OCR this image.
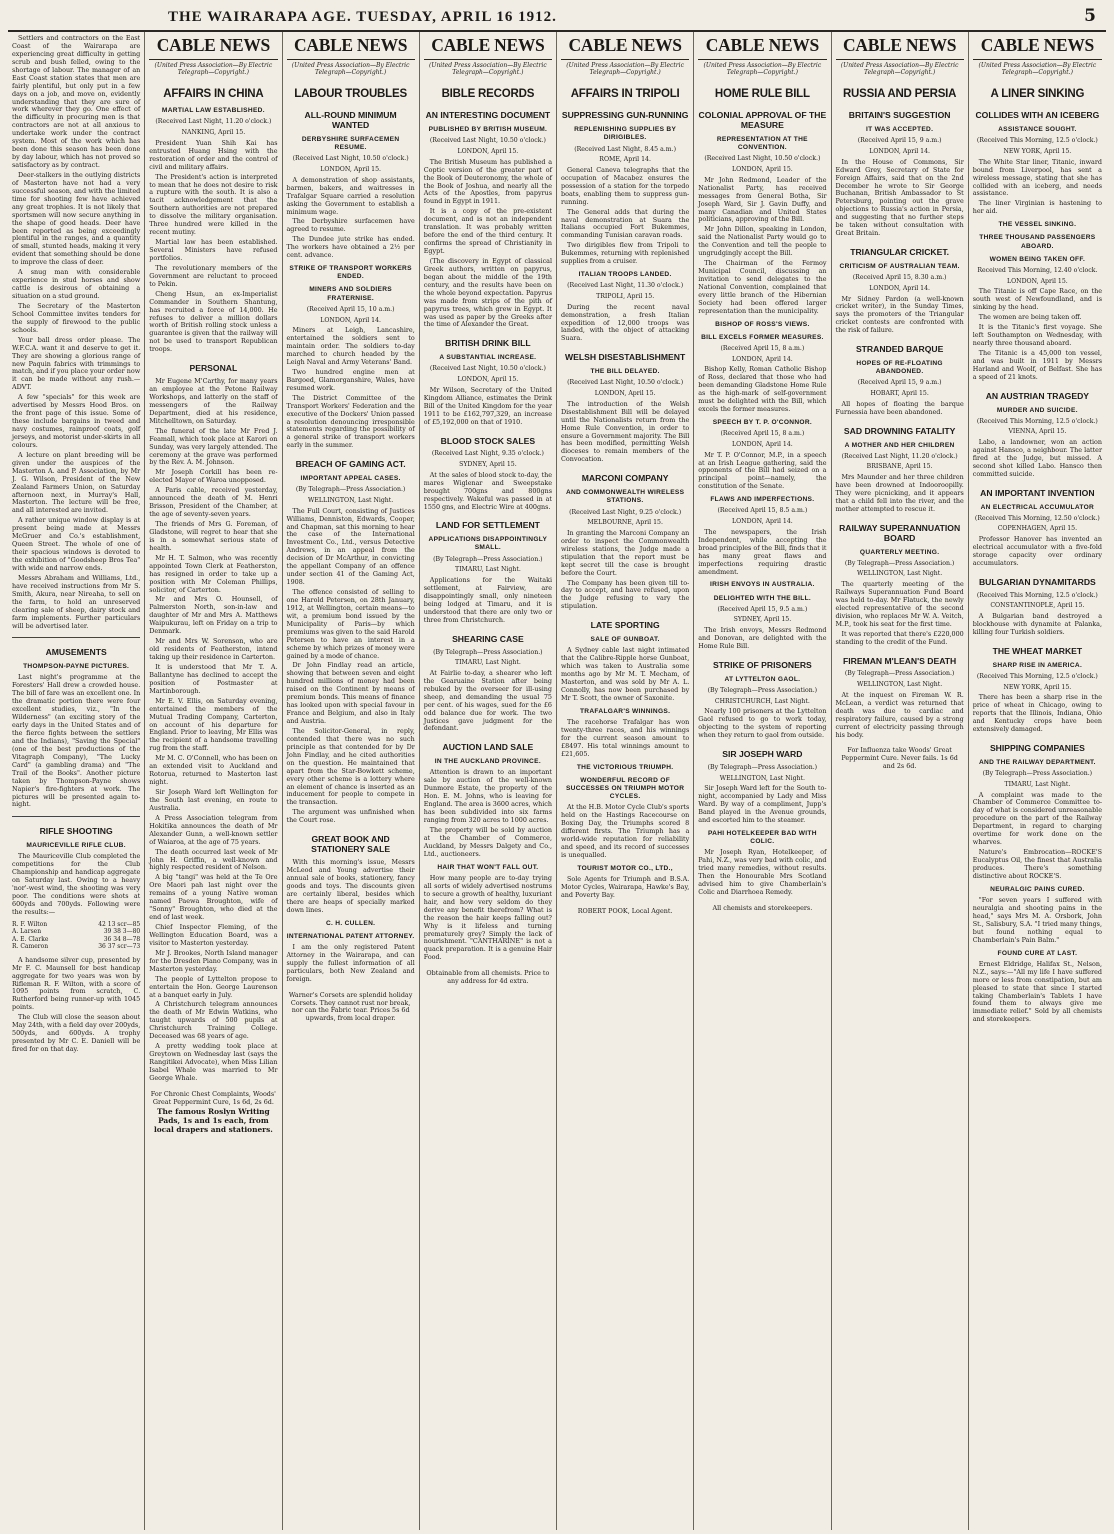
THE WAIRARAPA AGE. TUESDAY, APRIL 16 1912.	5

Settlers and contractors on the East Coast of the Wairarapa are experiencing great difficulty in getting scrub and bush felled, owing to the shortage of labour. The manager of an East Coast station states that men are fairly plentiful, but only put in a few days on a job, and move on, evidently understanding that they are sure of work wherever they go. One effect of the difficulty in procuring men is that contractors are not at all anxious to undertake work under the contract system. Most of the work which has been done this season has been done by day labour, which has not proved so satisfactory as by contract.

Deer-stalkers in the outlying districts of Masterton have not had a very successful season, and with the limited time for shooting few have achieved any great trophies. It is not likely that sportsmen will now secure anything in the shape of good heads. Deer have been reported as being exceedingly plentiful in the ranges, and a quantity of small, stunted heads, making it very evident that something should be done to improve the class of deer.

A snug man with considerable experience in stud horses and show cattle is desirous of obtaining a situation on a stud ground.

The Secretary of the Masterton School Committee invites tenders for the supply of firewood to the public schools.

Your ball dress order please. The W.F.C.A. want it and deserve to get it. They are showing a glorious range of new Paquin fabrics with trimmings to match, and if you place your order now it can be made without any rush.—ADVT.

A few "specials" for this week are advertised by Messrs Hood Bros. on the front page of this issue. Some of these include bargains in tweed and navy costumes, rainproof coats, golf jerseys, and motorist under-skirts in all colours.

A lecture on plant breeding will be given under the auspices of the Masterton A. and P. Association, by Mr J. G. Wilson, President of the New Zealand Farmers Union, on Saturday afternoon next, in Murray's Hall, Masterton. The lecture will be free, and all interested are invited.

A rather unique window display is at present being made at Messrs McGruer and Co.'s establishment, Queen Street. The whole of one of their spacious windows is devoted to the exhibition of "Goodsheep Bros Tea" with wide and narrow ends.

Messrs Abraham and Williams, Ltd., have received instructions from Mr S. Smith, Akura, near Nireaha, to sell on the farm, to hold an unreserved clearing sale of sheep, dairy stock and farm implements. Further particulars will be advertised later.

AMUSEMENTS
THOMPSON-PAYNE PICTURES.

Last night's programme at the Foresters' Hall drew a crowded house. The bill of fare was an excellent one. In the dramatic portion there were four excellent studies, viz., "In the Wilderness" (an exciting story of the early days in the United States and of the fierce fights between the settlers and the Indians), "Saving the Special" (one of the best productions of the Vitagraph Company), "The Lucky Card" (a gambling drama) and "The Trail of the Books". Another picture taken by Thompson-Payne shows Napier's fire-fighters at work. The pictures will be presented again to-night.

RIFLE SHOOTING
MAURICEVILLE RIFLE CLUB.

The Mauriceville Club completed the competitions for the Club Championship and handicap aggregate on Saturday last. Owing to a heavy 'nor'-west wind, the shooting was very poor. The conditions were shots at 600yds and 700yds. Following were the results:—

R. F. Wilton	42 13 scr—85
A. Larsen	39 38 3—80
A. E. Clarke	36 34 8—78
R. Cameron	36 37 scr—73

A handsome silver cup, presented by Mr F. C. Maunsell for best handicap aggregate for two years was won by Rifleman R. F. Wilton, with a score of 1095 points from scratch, C. Rutherford being runner-up with 1045 points.

The Club will close the season about May 24th, with a field day over 200yds, 500yds, and 600yds. A trophy presented by Mr C. E. Daniell will be fired for on that day.

CABLE NEWS
(United Press Association—By Electric Telegraph—Copyright.)
AFFAIRS IN CHINA
MARTIAL LAW ESTABLISHED.
(Received Last Night, 11.20 o'clock.)
NANKING, April 15.

President Yuan Shih Kai has entrusted Huang Hsing with the restoration of order and the control of civil and military affairs.

The President's action is interpreted to mean that he does not desire to risk a rupture with the south. It is also a tacit acknowledgement that the Southern authorities are not prepared to dissolve the military organisation. Three hundred were killed in the recent mutiny.

Martial law has been established. Several Ministers have refused portfolios.

The revolutionary members of the Government are reluctant to proceed to Pekin.

Cheng Hsun, an ex-Imperialist Commander in Southern Shantung, has recruited a force of 14,000. He refuses to deliver a million dollars worth of British rolling stock unless a guarantee is given that the railway will not be used to transport Republican troops.

PERSONAL

Mr Eugene M'Carthy, for many years an employee at the Petone Railway Workshops, and latterly on the staff of messengers of the Railway Department, died at his residence, Mitchelltown, on Saturday.

The funeral of the late Mr Fred J. Feamall, which took place at Karori on Sunday, was very largely attended. The ceremony at the grave was performed by the Rev. A. M. Johnson.

Mr Joseph Corkill has been re-elected Mayor of Waroa unopposed.

A Paris cable, received yesterday, announced the death of M. Henri Brisson, President of the Chamber, at the age of seventy-seven years.

The friends of Mrs G. Foreman, of Gladstone, will regret to hear that she is in a somewhat serious state of health.

Mr H. T. Salmon, who was recently appointed Town Clerk at Featherston, has resigned in order to take up a position with Mr Coleman Phillips, solicitor, of Carterton.

Mr and Mrs O. Hounsell, of Palmerston North, son-in-law and daughter of Mr and Mrs A. Matthews Waipukurau, left on Friday on a trip to Denmark.

Mr and Mrs W. Sorenson, who are old residents of Featherston, intend taking up their residence in Carterton.

It is understood that Mr T. A. Ballantyne has declined to accept the position of Postmaster at Martinborough.

Mr E. V. Ellis, on Saturday evening, entertained the members of the Mutual Trading Company, Carterton, on account of his departure for England. Prior to leaving, Mr Ellis was the recipient of a handsome travelling rug from the staff.

Mr M. C. O'Connell, who has been on an extended visit to Auckland and Rotorua, returned to Masterton last night.

Sir Joseph Ward left Wellington for the South last evening, en route to Australia.

A Press Association telegram from Hokitika announces the death of Mr Alexander Gunn, a well-known settler of Waiaroa, at the age of 75 years.

The death occurred last week of Mr John H. Griffin, a well-known and highly respected resident of Nelson.

A big "tangi" was held at the Te Ore Ore Maori pah last night over the remains of a young Native woman named Paewa Broughton, wife of "Sonny" Broughton, who died at the end of last week.

Chief Inspector Fleming, of the Wellington Education Board, was a visitor to Masterton yesterday.

Mr J. Brookes, North Island manager for the Dresden Piano Company, was in Masterton yesterday.

The people of Lyttelton propose to entertain the Hon. George Laurenson at a banquet early in July.

A Christchurch telegram announces the death of Mr Edwin Watkins, who taught upwards of 500 pupils at Christchurch Training College. Deceased was 68 years of age.

A pretty wedding took place at Greytown on Wednesday last (says the Rangitikei Advocate), when Miss Lilian Isabel Whale was married to Mr George Whale.

For Chronic Chest Complaints, Woods' Great Peppermint Cure, 1s 6d, 2s 6d.
The famous Roslyn Writing Pads, 1s and 1s each, from local drapers and stationers.
CABLE NEWS
(United Press Association—By Electric Telegraph—Copyright.)
LABOUR TROUBLES
ALL-ROUND MINIMUM WANTED
DERBYSHIRE SURFACEMEN RESUME.
(Received Last Night, 10.50 o'clock.)
LONDON, April 15.

A demonstration of shop assistants, barmen, bakers, and waitresses in Trafalgar Square carried a resolution asking the Government to establish a minimum wage.

The Derbyshire surfacemen have agreed to resume.

The Dundee jute strike has ended. The workers have obtained a 2½ per cent. advance.

STRIKE OF TRANSPORT WORKERS ENDED.
MINERS AND SOLDIERS FRATERNISE.
(Received April 15, 10 a.m.)
LONDON, April 14.

Miners at Leigh, Lancashire, entertained the soldiers sent to maintain order. The soldiers to-day marched to church headed by the Leigh Naval and Army Veterans' Band.

Two hundred engine men at Bargoed, Glamorganshire, Wales, have resumed work.

The District Committee of the Transport Workers' Federation and the executive of the Dockers' Union passed a resolution denouncing irresponsible statements regarding the possibility of a general strike of transport workers early in the summer.

BREACH OF GAMING ACT.
IMPORTANT APPEAL CASES.
(By Telegraph—Press Association.)
WELLINGTON, Last Night.

The Full Court, consisting of Justices Williams, Denniston, Edwards, Cooper, and Chapman, sat this morning to hear the case of the International Investment Co., Ltd., versus Detective Andrews, in an appeal from the decision of Dr McArthur, in convicting the appellant Company of an offence under section 41 of the Gaming Act, 1908.

The offence consisted of selling to one Harold Petersen, on 28th January, 1912, at Wellington, certain means—to wit, a premium bond issued by the Municipality of Paris—by which premiums was given to the said Harold Petersen to have an interest in a scheme by which prizes of money were gained by a mode of chance.

Dr John Findlay read an article, showing that between seven and eight hundred millions of money had been raised on the Continent by means of premium bonds. This means of finance has looked upon with special favour in France and Belgium, and also in Italy and Austria.

The Solicitor-General, in reply, contended that there was no such principle as that contended for by Dr John Findlay, and he cited authorities on the question. He maintained that apart from the Star-Bowkett scheme, every other scheme is a lottery where an element of chance is inserted as an inducement for people to compete in the transaction.

The argument was unfinished when the Court rose.

GREAT BOOK AND STATIONERY SALE

With this morning's issue, Messrs McLeod and Young advertise their annual sale of books, stationery, fancy goods and toys. The discounts given are certainly liberal, besides which there are heaps of specially marked down lines.

C. H. CULLEN.
INTERNATIONAL PATENT ATTORNEY.

I am the only registered Patent Attorney in the Wairarapa, and can supply the fullest information of all particulars, both New Zealand and foreign.

Warner's Corsets are splendid holiday Corsets. They cannot rust nor break, nor can the Fabric tear. Prices 5s 6d upwards, from local draper.
CABLE NEWS
(United Press Association—By Electric Telegraph—Copyright.)
BIBLE RECORDS
AN INTERESTING DOCUMENT
PUBLISHED BY BRITISH MUSEUM.
(Received Last Night, 10.50 o'clock.)
LONDON, April 15.

The British Museum has published a Coptic version of the greater part of the Book of Deuteronomy, the whole of the Book of Joshua, and nearly all the Acts of the Apostles, from papyrus found in Egypt in 1911.

It is a copy of the pre-existent document, and is not an independent translation. It was probably written before the end of the third century. It confirms the spread of Christianity in Egypt.

(The discovery in Egypt of classical Greek authors, written on papyrus, began about the middle of the 19th century, and the results have been on the whole beyond expectation. Papyrus was made from strips of the pith of papyrus trees, which grew in Egypt. It was used as paper by the Greeks after the time of Alexander the Great.

BRITISH DRINK BILL
A SUBSTANTIAL INCREASE.
(Received Last Night, 10.50 o'clock.)
LONDON, April 15.

Mr Wilson, Secretary of the United Kingdom Alliance, estimates the Drink Bill of the United Kingdom for the year 1911 to be £162,797,329, an increase of £5,192,000 on that of 1910.

BLOOD STOCK SALES
(Received Last Night, 9.35 o'clock.)
SYDNEY, April 15.

At the sales of blood stock to-day, the mares Wiglenar and Sweepstake brought 700gns and 800gns respectively. Wakeful was passed in at 1550 gns, and Electric Wire at 400gns.

LAND FOR SETTLEMENT
APPLICATIONS DISAPPOINTINGLY SMALL.
(By Telegraph—Press Association.)
TIMARU, Last Night.

Applications for the Waitaki settlement, at Fairview, are disappointingly small, only nineteen being lodged at Timaru, and it is understood that there are only two or three from Christchurch.

SHEARING CASE
(By Telegraph—Press Association.)
TIMARU, Last Night.

At Fairlie to-day, a shearer who left the Gearuaine Station after being rebuked by the overseer for ill-using sheep, and demanding the usual 75 per cent. of his wages, sued for the £6 odd balance due for work. The two Justices gave judgment for the defendant.

AUCTION LAND SALE
IN THE AUCKLAND PROVINCE.

Attention is drawn to an important sale by auction of the well-known Dunmore Estate, the property of the Hon. E. M. Johns, who is leaving for England. The area is 3600 acres, which has been subdivided into six farms ranging from 320 acres to 1000 acres.

The property will be sold by auction at the Chamber of Commerce, Auckland, by Messrs Dalgety and Co., Ltd., auctioneers.

HAIR THAT WON'T FALL OUT.

How many people are to-day trying all sorts of widely advertised nostrums to secure a growth of healthy, luxuriant hair, and how very seldom do they derive any benefit therefrom? What is the reason the hair keeps falling out? Why is it lifeless and turning prematurely grey? Simply the lack of nourishment. "CANTHARINE" is not a quack preparation. It is a genuine Hair Food.

Obtainable from all chemists. Price to any address for 4d extra.
CABLE NEWS
(United Press Association—By Electric Telegraph—Copyright.)
AFFAIRS IN TRIPOLI
SUPPRESSING GUN-RUNNING
REPLENISHING SUPPLIES BY DIRIGIBLES.
(Received Last Night, 8.45 a.m.)
ROME, April 14.

General Caneva telegraphs that the occupation of Macabez ensures the possession of a station for the torpedo boats, enabling them to suppress gun-running.

The General adds that during the naval demonstration at Suara the Italians occupied Fort Bukemmes, commanding Tunisian caravan roads.

Two dirigibles flew from Tripoli to Bukemmes, returning with replenished supplies from a cruiser.

ITALIAN TROOPS LANDED.
(Received Last Night, 11.30 o'clock.)
TRIPOLI, April 15.

During the recent naval demonstration, a fresh Italian expedition of 12,000 troops was landed, with the object of attacking Suara.

WELSH DISESTABLISHMENT
THE BILL DELAYED.
(Received Last Night, 10.50 o'clock.)
LONDON, April 15.

The introduction of the Welsh Disestablishment Bill will be delayed until the Nationalists return from the Home Rule Convention, in order to ensure a Government majority. The Bill has been modified, permitting Welsh dioceses to remain members of the Convocation.

MARCONI COMPANY
AND COMMONWEALTH WIRELESS STATIONS.
(Received Last Night, 9.25 o'clock.)
MELBOURNE, April 15.

In granting the Marconi Company an order to inspect the Commonwealth wireless stations, the Judge made a stipulation that the report must be kept secret till the case is brought before the Court.

The Company has been given till to-day to accept, and have refused, upon the Judge refusing to vary the stipulation.

LATE SPORTING
SALE OF GUNBOAT.

A Sydney cable last night intimated that the Calibre-Ripple horse Gunboat, which was taken to Australia some months ago by Mr M. T. Mecham, of Masterton, and was sold by Mr A. L. Connolly, has now been purchased by Mr T. Scott, the owner of Saxonite.

TRAFALGAR'S WINNINGS.

The racehorse Trafalgar has won twenty-three races, and his winnings for the current season amount to £8497. His total winnings amount to £21,605.

THE VICTORIOUS TRIUMPH.
WONDERFUL RECORD OF SUCCESSES ON TRIUMPH MOTOR CYCLES.

At the H.B. Motor Cycle Club's sports held on the Hastings Racecourse on Boxing Day, the Triumphs scored 8 different firsts. The Triumph has a world-wide reputation for reliability and speed, and its record of successes is unequalled.

TOURIST MOTOR CO., LTD.,

Sole Agents for Triumph and B.S.A. Motor Cycles, Wairarapa, Hawke's Bay, and Poverty Bay.

ROBERT POOK, Local Agent.
CABLE NEWS
(United Press Association—By Electric Telegraph—Copyright.)
HOME RULE BILL
COLONIAL APPROVAL OF THE MEASURE
REPRESENTATION AT THE CONVENTION.
(Received Last Night, 10.50 o'clock.)
LONDON, April 15.

Mr John Redmond, Leader of the Nationalist Party, has received messages from General Botha, Sir Joseph Ward, Sir J. Gavin Duffy, and many Canadian and United States politicians, approving of the Bill.

Mr John Dillon, speaking in London, said the Nationalist Party would go to the Convention and tell the people to ungrudgingly accept the Bill.

The Chairman of the Fermoy Municipal Council, discussing an invitation to send delegates to the National Convention, complained that every little branch of the Hibernian Society had been offered larger representation than the municipality.

BISHOP OF ROSS'S VIEWS.
BILL EXCELS FORMER MEASURES.
(Received April 15, 8 a.m.)
LONDON, April 14.

Bishop Kelly, Roman Catholic Bishop of Ross, declared that those who had been demanding Gladstone Home Rule as the high-mark of self-government must be delighted with the Bill, which excels the former measures.

SPEECH BY T. P. O'CONNOR.
(Received April 15, 8 a.m.)
LONDON, April 14.

Mr T. P. O'Connor, M.P., in a speech at an Irish League gathering, said the opponents of the Bill had seized on a principal point—namely, the constitution of the Senate.

FLAWS AND IMPERFECTIONS.
(Received April 15, 8.5 a.m.)
LONDON, April 14.

The newspapers, the Irish Independent, while accepting the broad principles of the Bill, finds that it has many great flaws and imperfections requiring drastic amendment.

IRISH ENVOYS IN AUSTRALIA.
DELIGHTED WITH THE BILL.
(Received April 15, 9.5 a.m.)
SYDNEY, April 15.

The Irish envoys, Messrs Redmond and Donovan, are delighted with the Home Rule Bill.

STRIKE OF PRISONERS
AT LYTTELTON GAOL.
(By Telegraph—Press Association.)
CHRISTCHURCH, Last Night.

Nearly 100 prisoners at the Lyttelton Gaol refused to go to work today, objecting to the system of reporting when they return to gaol from outside.

SIR JOSEPH WARD
(By Telegraph—Press Association.)
WELLINGTON, Last Night.

Sir Joseph Ward left for the South to-night, accompanied by Lady and Miss Ward. By way of a compliment, Jupp's Band played in the Avenue grounds, and escorted him to the steamer.

PAHI HOTELKEEPER BAD WITH COLIC.

Mr Joseph Ryan, Hotelkeeper, of Pahi, N.Z., was very bad with colic, and tried many remedies, without results. Then the Honourable Mrs Scotland advised him to give Chamberlain's Colic and Diarrhoea Remedy.

All chemists and storekeepers.
CABLE NEWS
(United Press Association—By Electric Telegraph—Copyright.)
RUSSIA AND PERSIA
BRITAIN'S SUGGESTION
IT WAS ACCEPTED.
(Received April 15, 9 a.m.)
LONDON, April 14.

In the House of Commons, Sir Edward Grey, Secretary of State for Foreign Affairs, said that on the 2nd December he wrote to Sir George Buchanan, British Ambassador to St Petersburg, pointing out the grave objections to Russia's action in Persia, and suggesting that no further steps be taken without consultation with Great Britain.

TRIANGULAR CRICKET.
CRITICISM OF AUSTRALIAN TEAM.
(Received April 15, 8.30 a.m.)
LONDON, April 14.

Mr Sidney Pardon (a well-known cricket writer), in the Sunday Times, says the promoters of the Triangular cricket contests are confronted with the risk of failure.

STRANDED BARQUE
HOPES OF RE-FLOATING ABANDONED.
(Received April 15, 9 a.m.)
HOBART, April 15.

All hopes of floating the barque Furnessia have been abandoned.

SAD DROWNING FATALITY
A MOTHER AND HER CHILDREN
(Received Last Night, 11.20 o'clock.)
BRISBANE, April 15.

Mrs Maunder and her three children have been drowned at Indooroopilly. They were picnicking, and it appears that a child fell into the river, and the mother attempted to rescue it.

RAILWAY SUPERANNUATION BOARD
QUARTERLY MEETING.
(By Telegraph—Press Association.)
WELLINGTON, Last Night.

The quarterly meeting of the Railways Superannuation Fund Board was held to-day. Mr Flatuck, the newly elected representative of the second division, who replaces Mr W. A. Veitch, M.P., took his seat for the first time.

It was reported that there's £220,000 standing to the credit of the Fund.

FIREMAN M'LEAN'S DEATH
(By Telegraph—Press Association.)
WELLINGTON, Last Night.

At the inquest on Fireman W. R. McLean, a verdict was returned that death was due to cardiac and respiratory failure, caused by a strong current of electricity passing through his body.

For Influenza take Woods' Great Peppermint Cure. Never fails. 1s 6d and 2s 6d.
CABLE NEWS
(United Press Association—By Electric Telegraph—Copyright.)
A LINER SINKING
COLLIDES WITH AN ICEBERG
ASSISTANCE SOUGHT.
(Received This Morning, 12.5 o'clock.)
NEW YORK, April 15.

The White Star liner, Titanic, inward bound from Liverpool, has sent a wireless message, stating that she has collided with an iceberg, and needs assistance.

The liner Virginian is hastening to her aid.

THE VESSEL SINKING.
THREE THOUSAND PASSENGERS ABOARD.
WOMEN BEING TAKEN OFF.
Received This Morning, 12.40 o'clock.
LONDON, April 15.

The Titanic is off Cape Race, on the south west of Newfoundland, and is sinking by the head.

The women are being taken off.

It is the Titanic's first voyage. She left Southampton on Wednesday, with nearly three thousand aboard.

The Titanic is a 45,000 ton vessel, and was built in 1911 by Messrs Harland and Woolf, of Belfast. She has a speed of 21 knots.

AN AUSTRIAN TRAGEDY
MURDER AND SUICIDE.
(Received This Morning, 12.5 o'clock.)
VIENNA, April 15.

Labo, a landowner, won an action against Hansco, a neighbour. The latter fired at the Judge, but missed. A second shot killed Labo. Hansco then committed suicide.

AN IMPORTANT INVENTION
AN ELECTRICAL ACCUMULATOR
(Received This Morning, 12.50 o'clock.)
COPENHAGEN, April 15.

Professor Hanover has invented an electrical accumulator with a five-fold storage capacity over ordinary accumulators.

BULGARIAN DYNAMITARDS
(Received This Morning, 12.5 o'clock.)
CONSTANTINOPLE, April 15.

A Bulgarian band destroyed a blockhouse with dynamite at Palanka, killing four Turkish soldiers.

THE WHEAT MARKET
SHARP RISE IN AMERICA.
(Received This Morning, 12.5 o'clock.)
NEW YORK, April 15.

There has been a sharp rise in the price of wheat in Chicago, owing to reports that the Illinois, Indiana, Ohio and Kentucky crops have been extensively damaged.

SHIPPING COMPANIES
AND THE RAILWAY DEPARTMENT.
(By Telegraph—Press Association.)
TIMARU, Last Night.

A complaint was made to the Chamber of Commerce Committee to-day of what is considered unreasonable procedure on the part of the Railway Department, in regard to charging overtime for work done on the wharves.

Nature's Embrocation—ROCKE'S Eucalyptus Oil, the finest that Australia produces. There's something distinctive about ROCKE'S.

NEURALGIC PAINS CURED.

"For seven years I suffered with neuralgia and shooting pains in the head," says Mrs M. A. Orsbork, John St., Salisbury, S.A. "I tried many things, but found nothing equal to Chamberlain's Pain Balm."

FOUND CURE AT LAST.

Ernest Eldridge, Halifax St., Nelson, N.Z., says:—"All my life I have suffered more or less from constipation, but am pleased to state that since I started taking Chamberlain's Tablets I have found them to always give me immediate relief." Sold by all chemists and storekeepers.
